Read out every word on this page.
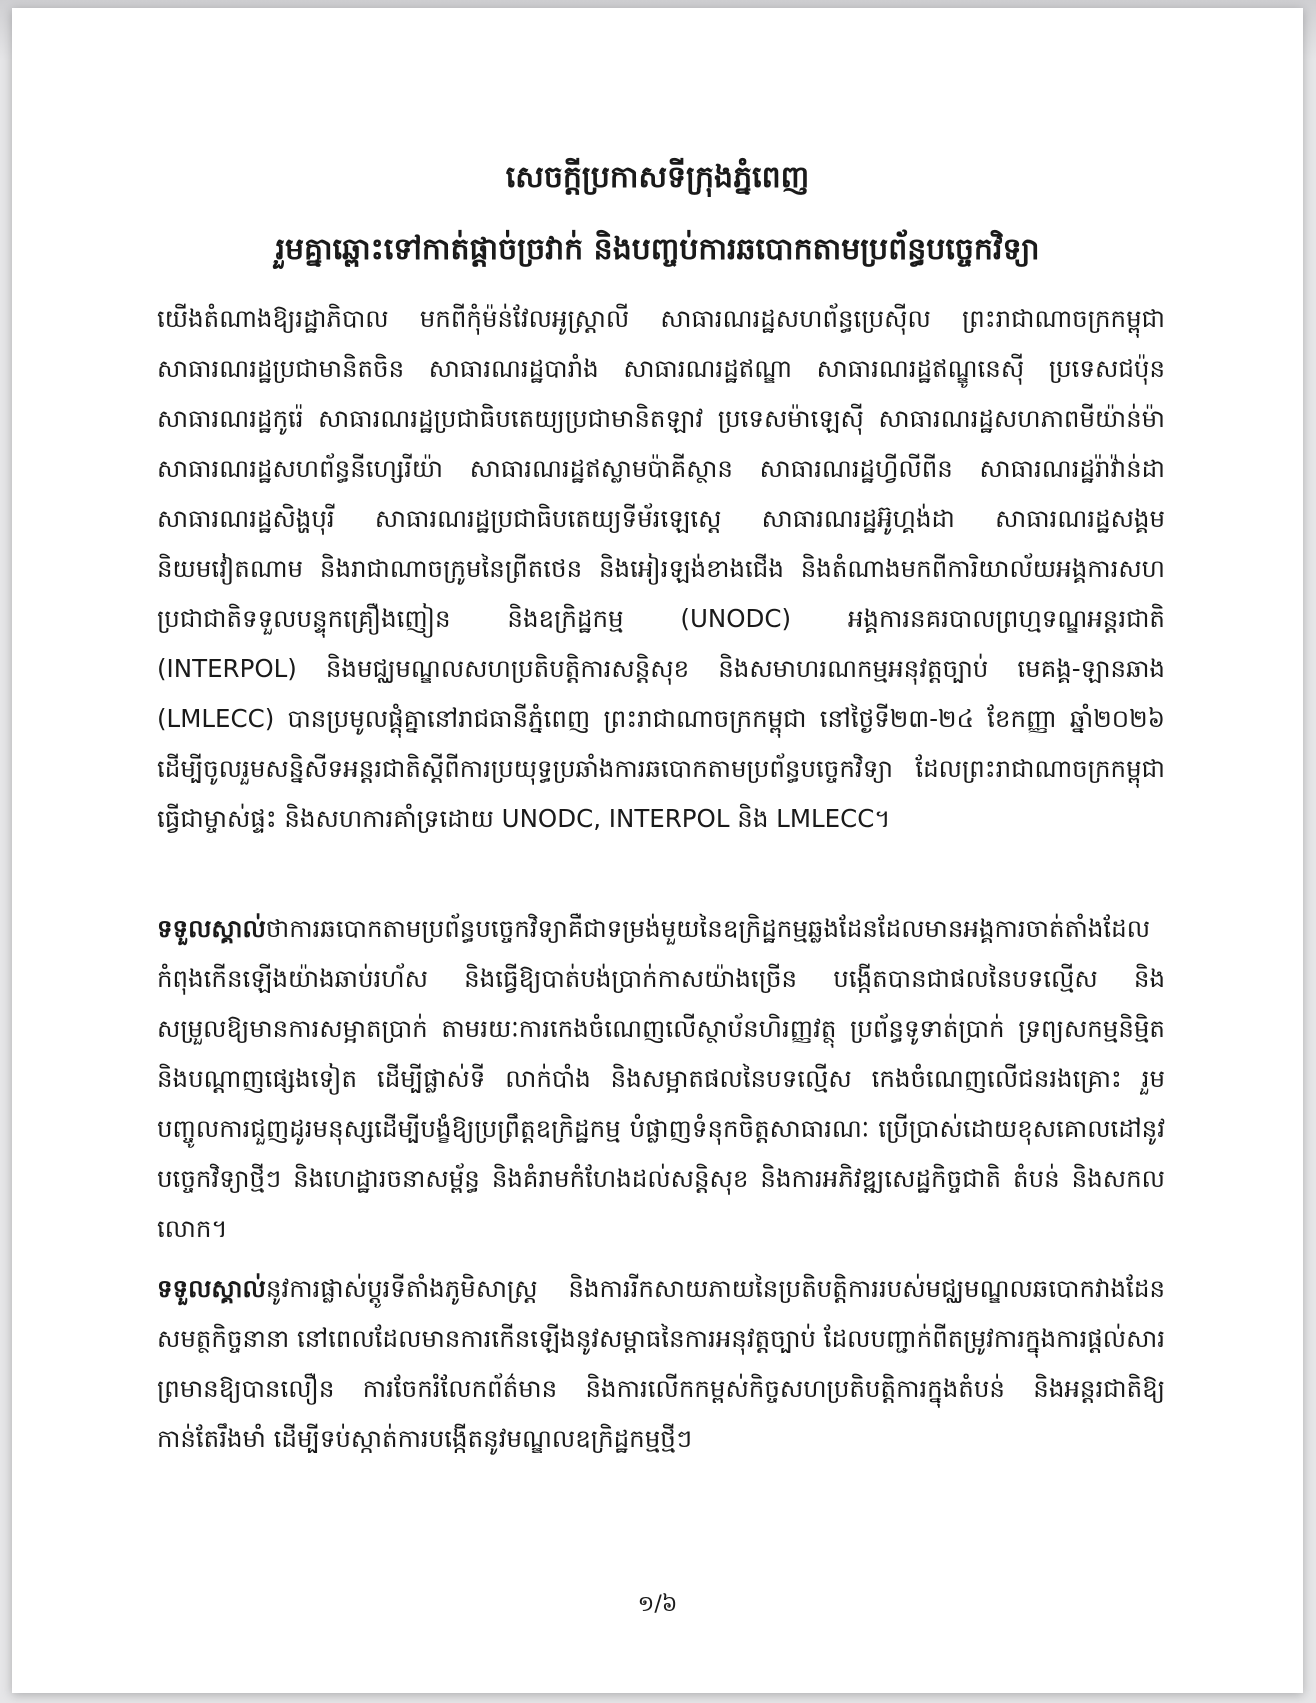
សេចក្តីប្រកាសទីក្រុងភ្នំពេញ
រួមគ្នាឆ្ពោះទៅកាត់ផ្តាច់ច្រវាក់ និងបញ្ចប់ការឆបោកតាមប្រព័ន្ធបច្ចេកវិទ្យា

យើងតំណាងឱ្យរដ្ឋាភិបាល មកពីកុំម៉ន់វែលអូស្ត្រាលី សាធារណរដ្ឋសហព័ន្ធប្រេស៊ីល ព្រះរាជាណាចក្រកម្ពុជា សាធារណរដ្ឋប្រជាមានិតចិន សាធារណរដ្ឋបារាំង សាធារណរដ្ឋឥណ្ឌា សាធារណរដ្ឋឥណ្ឌូនេស៊ី ប្រទេសជប៉ុន សាធារណរដ្ឋកូរ៉េ សាធារណរដ្ឋប្រជាធិបតេយ្យប្រជាមានិតឡាវ ប្រទេសម៉ាឡេស៊ី សាធារណរដ្ឋសហភាពមីយ៉ាន់ម៉ា សាធារណរដ្ឋសហព័ន្ធនីហ្សេរីយ៉ា សាធារណរដ្ឋឥស្លាមប៉ាគីស្ថាន សាធារណរដ្ឋហ្វីលីពីន សាធារណរដ្ឋរ៉ាវ៉ាន់ដា សាធារណរដ្ឋសិង្ហបុរី សាធារណរដ្ឋប្រជាធិបតេយ្យទីម័រឡេស្តេ សាធារណរដ្ឋអ៊ូហ្គង់ដា សាធារណរដ្ឋសង្គមនិយមវៀតណាម និងរាជាណាចក្រូមនៃព្រីតថេន និងអៀរឡង់ខាងជើង និងតំណាងមកពីការិយាល័យអង្គការសហប្រជាជាតិទទួលបន្ទុកគ្រឿងញៀន និងឧក្រិដ្ឋកម្ម (UNODC) អង្គការនគរបាលព្រហ្មទណ្ឌអន្តរជាតិ (INTERPOL) និងមជ្ឈមណ្ឌលសហប្រតិបត្តិការសន្តិសុខ និងសមាហរណកម្មអនុវត្តច្បាប់ មេគង្គ-ឡានឆាង (LMLECC) បានប្រមូលផ្តុំគ្នានៅរាជធានីភ្នំពេញ ព្រះរាជាណាចក្រកម្ពុជា នៅថ្ងៃទី២៣-២៤ ខែកញ្ញា ឆ្នាំ២០២៦ ដើម្បីចូលរួមសន្និសីទអន្តរជាតិស្តីពីការប្រយុទ្ធប្រឆាំងការឆបោកតាមប្រព័ន្ធបច្ចេកវិទ្យា ដែលព្រះរាជាណាចក្រកម្ពុជាធ្វើជាម្ចាស់ផ្ទះ និងសហការគាំទ្រដោយ UNODC, INTERPOL និង LMLECC។

ទទួលស្គាល់ថាការឆបោកតាមប្រព័ន្ធបច្ចេកវិទ្យាគឺជាទម្រង់មួយនៃឧក្រិដ្ឋកម្មឆ្លងដែនដែលមានអង្គការចាត់តាំងដែលកំពុងកើនឡើងយ៉ាងឆាប់រហ័ស និងធ្វើឱ្យបាត់បង់ប្រាក់កាសយ៉ាងច្រើន បង្កើតបានជាផលនៃបទល្មើស និងសម្រួលឱ្យមានការសម្អាតប្រាក់ តាមរយៈការកេងចំណេញលើស្ថាប័នហិរញ្ញវត្ថុ ប្រព័ន្ធទូទាត់ប្រាក់ ទ្រព្យសកម្មនិម្មិត និងបណ្តាញផ្សេងទៀត ដើម្បីផ្លាស់ទី លាក់បាំង និងសម្អាតផលនៃបទល្មើស កេងចំណេញលើជនរងគ្រោះ រួមបញ្ចូលការជួញដូរមនុស្សដើម្បីបង្ខំឱ្យប្រព្រឹត្តឧក្រិដ្ឋកម្ម បំផ្លាញទំនុកចិត្តសាធារណៈ ប្រើប្រាស់ដោយខុសគោលដៅនូវបច្ចេកវិទ្យាថ្មីៗ និងហេដ្ឋារចនាសម្ព័ន្ធ និងគំរាមកំហែងដល់សន្តិសុខ និងការអភិវឌ្ឍសេដ្ឋកិច្ចជាតិ តំបន់ និងសកលលោក។

ទទួលស្គាល់នូវការផ្លាស់ប្តូរទីតាំងភូមិសាស្ត្រ និងការរីកសាយភាយនៃប្រតិបត្តិការរបស់មជ្ឈមណ្ឌលឆបោកវាងដែនសមត្ថកិច្ចនានា នៅពេលដែលមានការកើនឡើងនូវសម្ពាធនៃការអនុវត្តច្បាប់ ដែលបញ្ជាក់ពីតម្រូវការក្នុងការផ្តល់សារព្រមានឱ្យបានលឿន ការចែករំលែកព័ត៌មាន និងការលើកកម្ពស់កិច្ចសហប្រតិបត្តិការក្នុងតំបន់ និងអន្តរជាតិឱ្យកាន់តែរឹងមាំ ដើម្បីទប់ស្កាត់ការបង្កើតនូវមណ្ឌលឧក្រិដ្ឋកម្មថ្មីៗ

១/៦
